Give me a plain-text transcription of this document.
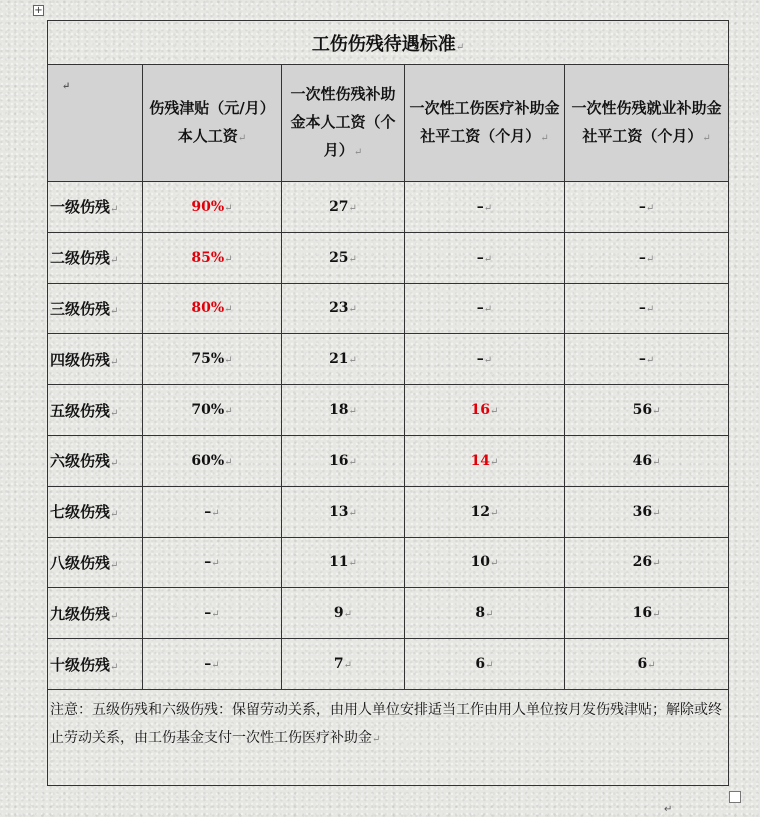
+
工伤伤残待遇标准↵				
↵	伤残津贴（元/月）本人工资↵	一次性伤残补助金本人工资（个月）↵	一次性工伤医疗补助金社平工资（个月）↵	一次性伤残就业补助金社平工资（个月）↵
一级伤残↵	90%↵	27↵	–↵	–↵
二级伤残↵	85%↵	25↵	–↵	–↵
三级伤残↵	80%↵	23↵	–↵	–↵
四级伤残↵	75%↵	21↵	–↵	–↵
五级伤残↵	70%↵	18↵	16↵	56↵
六级伤残↵	60%↵	16↵	14↵	46↵
七级伤残↵	–↵	13↵	12↵	36↵
八级伤残↵	–↵	11↵	10↵	26↵
九级伤残↵	–↵	9↵	8↵	16↵
十级伤残↵	–↵	7↵	6↵	6↵
注意：五级伤残和六级伤残：保留劳动关系，由用人单位安排适当工作由用人单位按月发伤残津贴；解除或终止劳动关系，由工伤基金支付一次性工伤医疗补助金↵				
↵
